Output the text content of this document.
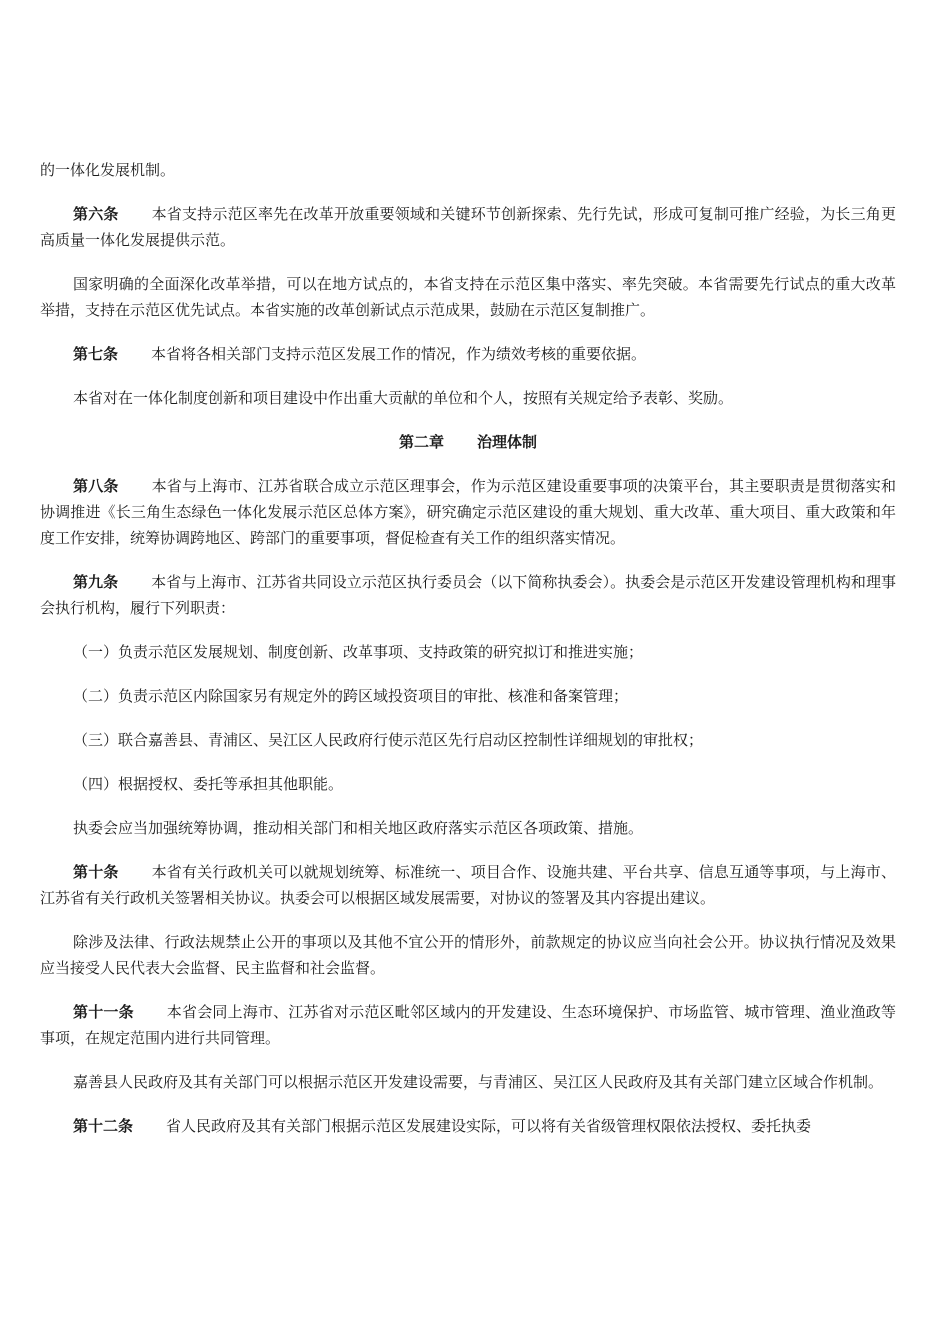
的一体化发展机制。

第六条 本省支持示范区率先在改革开放重要领域和关键环节创新探索、先行先试，形成可复制可推广经验，为长三角更高质量一体化发展提供示范。

国家明确的全面深化改革举措，可以在地方试点的，本省支持在示范区集中落实、率先突破。本省需要先行试点的重大改革举措，支持在示范区优先试点。本省实施的改革创新试点示范成果，鼓励在示范区复制推广。

第七条 本省将各相关部门支持示范区发展工作的情况，作为绩效考核的重要依据。

本省对在一体化制度创新和项目建设中作出重大贡献的单位和个人，按照有关规定给予表彰、奖励。

第二章 治理体制

第八条 本省与上海市、江苏省联合成立示范区理事会，作为示范区建设重要事项的决策平台，其主要职责是贯彻落实和协调推进《长三角生态绿色一体化发展示范区总体方案》，研究确定示范区建设的重大规划、重大改革、重大项目、重大政策和年度工作安排，统筹协调跨地区、跨部门的重要事项，督促检查有关工作的组织落实情况。

第九条 本省与上海市、江苏省共同设立示范区执行委员会（以下简称执委会）。执委会是示范区开发建设管理机构和理事会执行机构，履行下列职责：

（一）负责示范区发展规划、制度创新、改革事项、支持政策的研究拟订和推进实施；

（二）负责示范区内除国家另有规定外的跨区域投资项目的审批、核准和备案管理；

（三）联合嘉善县、青浦区、吴江区人民政府行使示范区先行启动区控制性详细规划的审批权；

（四）根据授权、委托等承担其他职能。

执委会应当加强统筹协调，推动相关部门和相关地区政府落实示范区各项政策、措施。

第十条 本省有关行政机关可以就规划统筹、标准统一、项目合作、设施共建、平台共享、信息互通等事项，与上海市、江苏省有关行政机关签署相关协议。执委会可以根据区域发展需要，对协议的签署及其内容提出建议。

除涉及法律、行政法规禁止公开的事项以及其他不宜公开的情形外，前款规定的协议应当向社会公开。协议执行情况及效果应当接受人民代表大会监督、民主监督和社会监督。

第十一条 本省会同上海市、江苏省对示范区毗邻区域内的开发建设、生态环境保护、市场监管、城市管理、渔业渔政等事项，在规定范围内进行共同管理。

嘉善县人民政府及其有关部门可以根据示范区开发建设需要，与青浦区、吴江区人民政府及其有关部门建立区域合作机制。

第十二条 省人民政府及其有关部门根据示范区发展建设实际，可以将有关省级管理权限依法授权、委托执委
